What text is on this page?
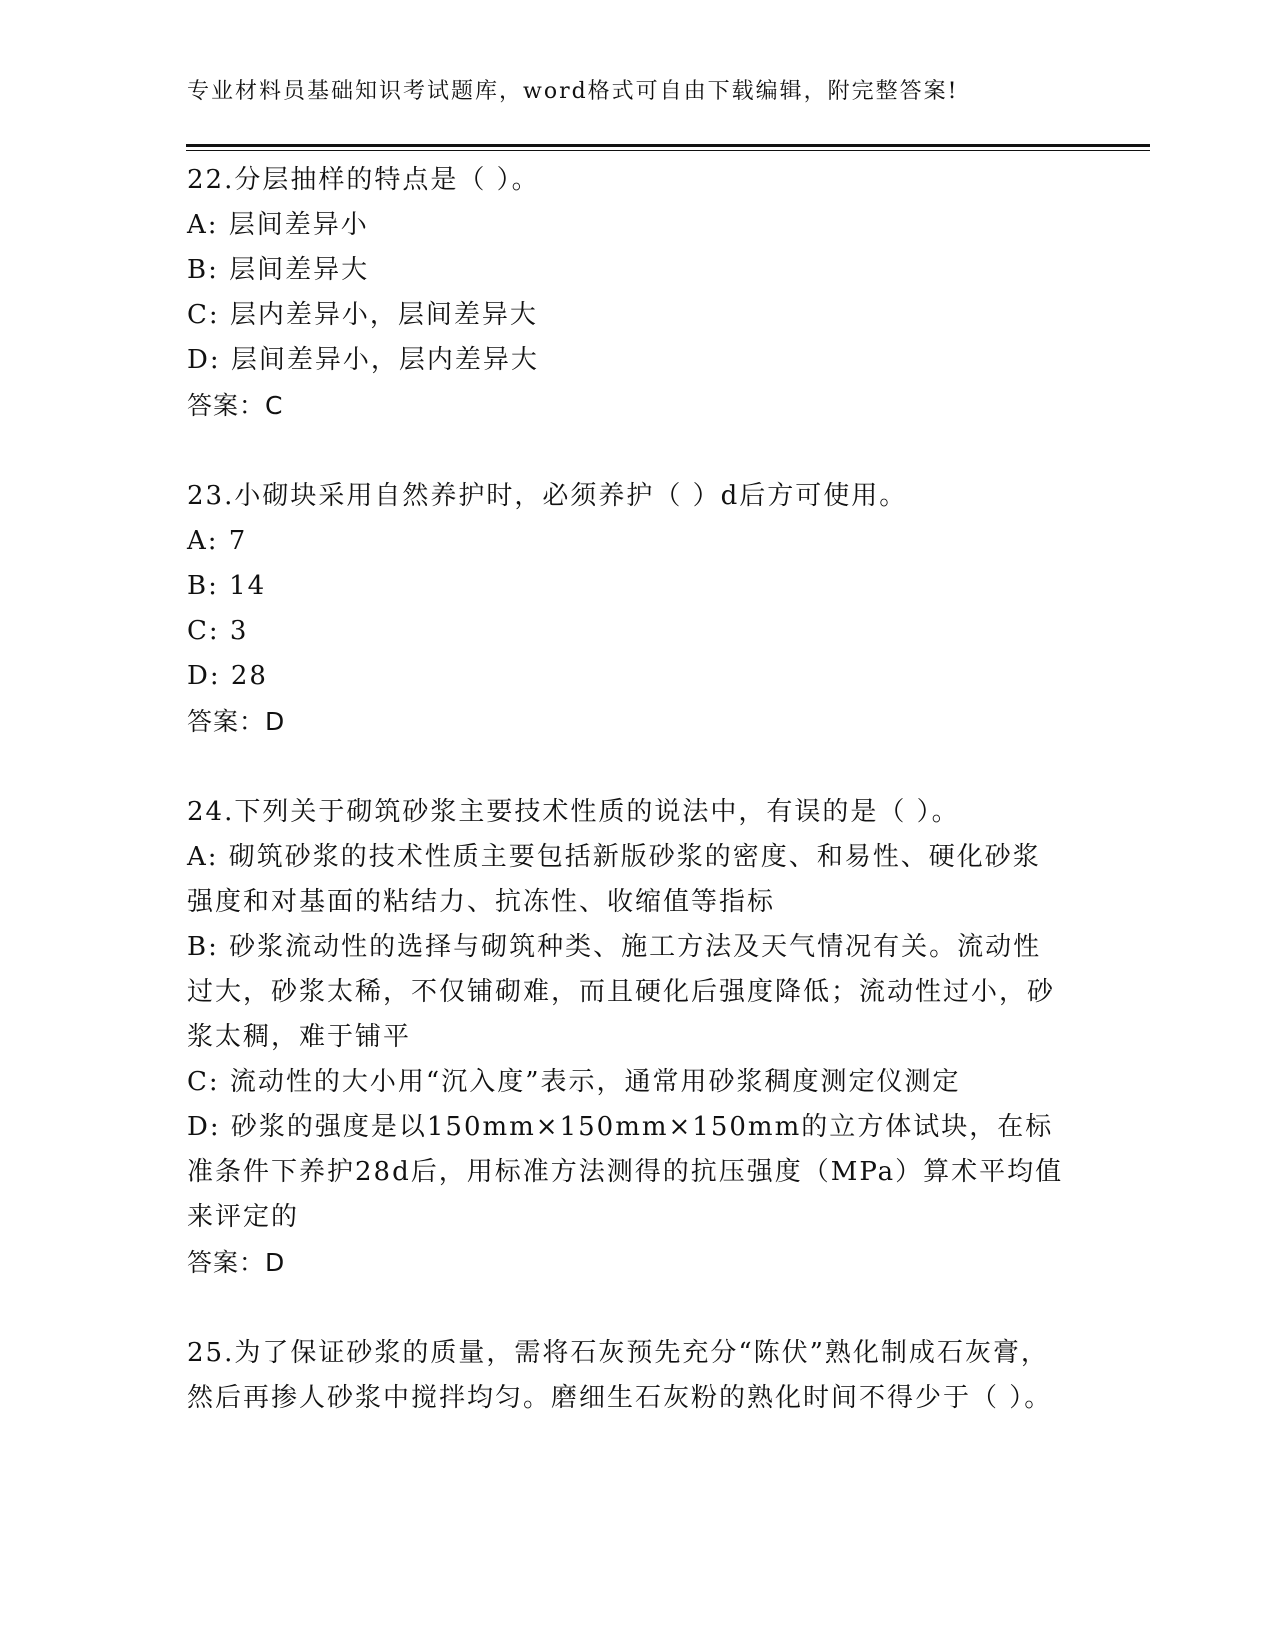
专业材料员基础知识考试题库，word格式可自由下载编辑，附完整答案!
22.分层抽样的特点是（ ）。
A: 层间差异小
B: 层间差异大
C: 层内差异小，层间差异大
D: 层间差异小，层内差异大
答案：C
23.小砌块采用自然养护时，必须养护（ ）d后方可使用。
A: 7
B: 14
C: 3
D: 28
答案：D
24.下列关于砌筑砂浆主要技术性质的说法中，有误的是（ ）。
A: 砌筑砂浆的技术性质主要包括新版砂浆的密度、和易性、硬化砂浆强度和对基面的粘结力、抗冻性、收缩值等指标
B: 砂浆流动性的选择与砌筑种类、施工方法及天气情况有关。流动性过大，砂浆太稀，不仅铺砌难，而且硬化后强度降低；流动性过小，砂浆太稠，难于铺平
C: 流动性的大小用“沉入度”表示，通常用砂浆稠度测定仪测定
D: 砂浆的强度是以150mm×150mm×150mm的立方体试块，在标准条件下养护28d后，用标准方法测得的抗压强度（MPa）算术平均值来评定的
答案：D
25.为了保证砂浆的质量，需将石灰预先充分“陈伏”熟化制成石灰膏，然后再掺人砂浆中搅拌均匀。磨细生石灰粉的熟化时间不得少于（ ）。
